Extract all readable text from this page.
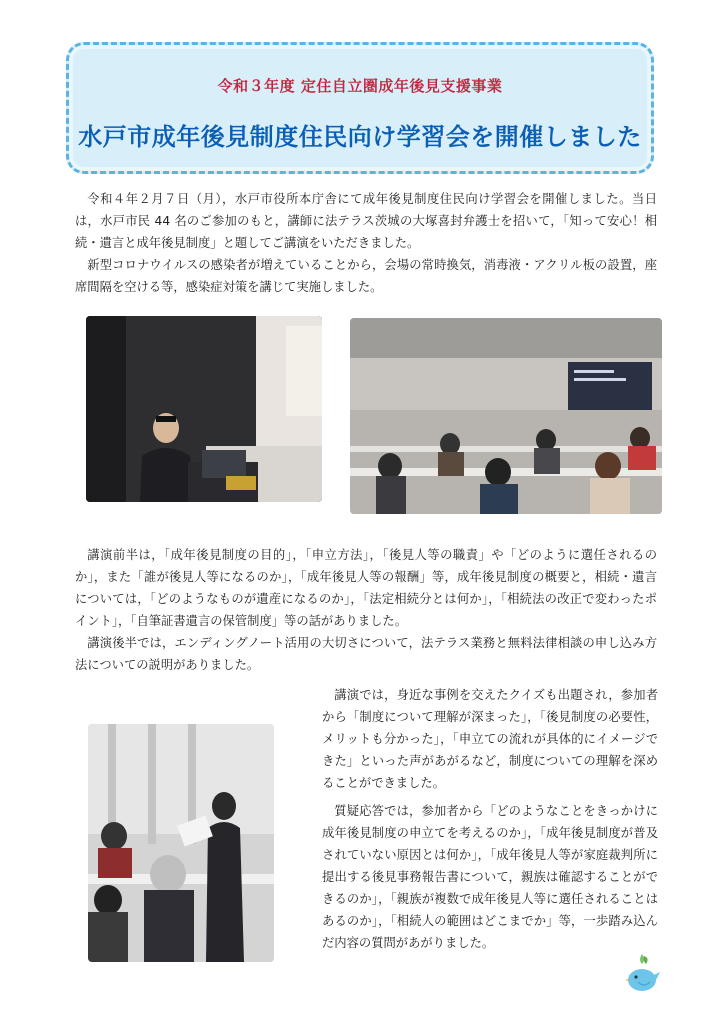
令和３年度 定住自立圏成年後見支援事業
水戸市成年後見制度住民向け学習会を開催しました

令和４年２月７日（月），水戸市役所本庁舎にて成年後見制度住民向け学習会を開催しました。当日は，水戸市民 44 名のご参加のもと，講師に法テラス茨城の大塚喜封弁護士を招いて，「知って安心！相続・遺言と成年後見制度」と題してご講演をいただきました。

新型コロナウイルスの感染者が増えていることから，会場の常時換気，消毒液・アクリル板の設置，座席間隔を空ける等，感染症対策を講じて実施しました。

講演前半は，「成年後見制度の目的」，「申立方法」，「後見人等の職責」や「どのように選任されるのか」，また「誰が後見人等になるのか」，「成年後見人等の報酬」等，成年後見制度の概要と，相続・遺言については，「どのようなものが遺産になるのか」，「法定相続分とは何か」，「相続法の改正で変わったポイント」，「自筆証書遺言の保管制度」等の話がありました。

講演後半では，エンディングノート活用の大切さについて，法テラス業務と無料法律相談の申し込み方法についての説明がありました。

講演では，身近な事例を交えたクイズも出題され，参加者から「制度について理解が深まった」，「後見制度の必要性，メリットも分かった」，「申立ての流れが具体的にイメージできた」といった声があがるなど，制度についての理解を深めることができました。

質疑応答では，参加者から「どのようなことをきっかけに成年後見制度の申立てを考えるのか」，「成年後見制度が普及されていない原因とは何か」，「成年後見人等が家庭裁判所に提出する後見事務報告書について，親族は確認することができるのか」，「親族が複数で成年後見人等に選任されることはあるのか」，「相続人の範囲はどこまでか」等，一歩踏み込んだ内容の質問があがりました。
